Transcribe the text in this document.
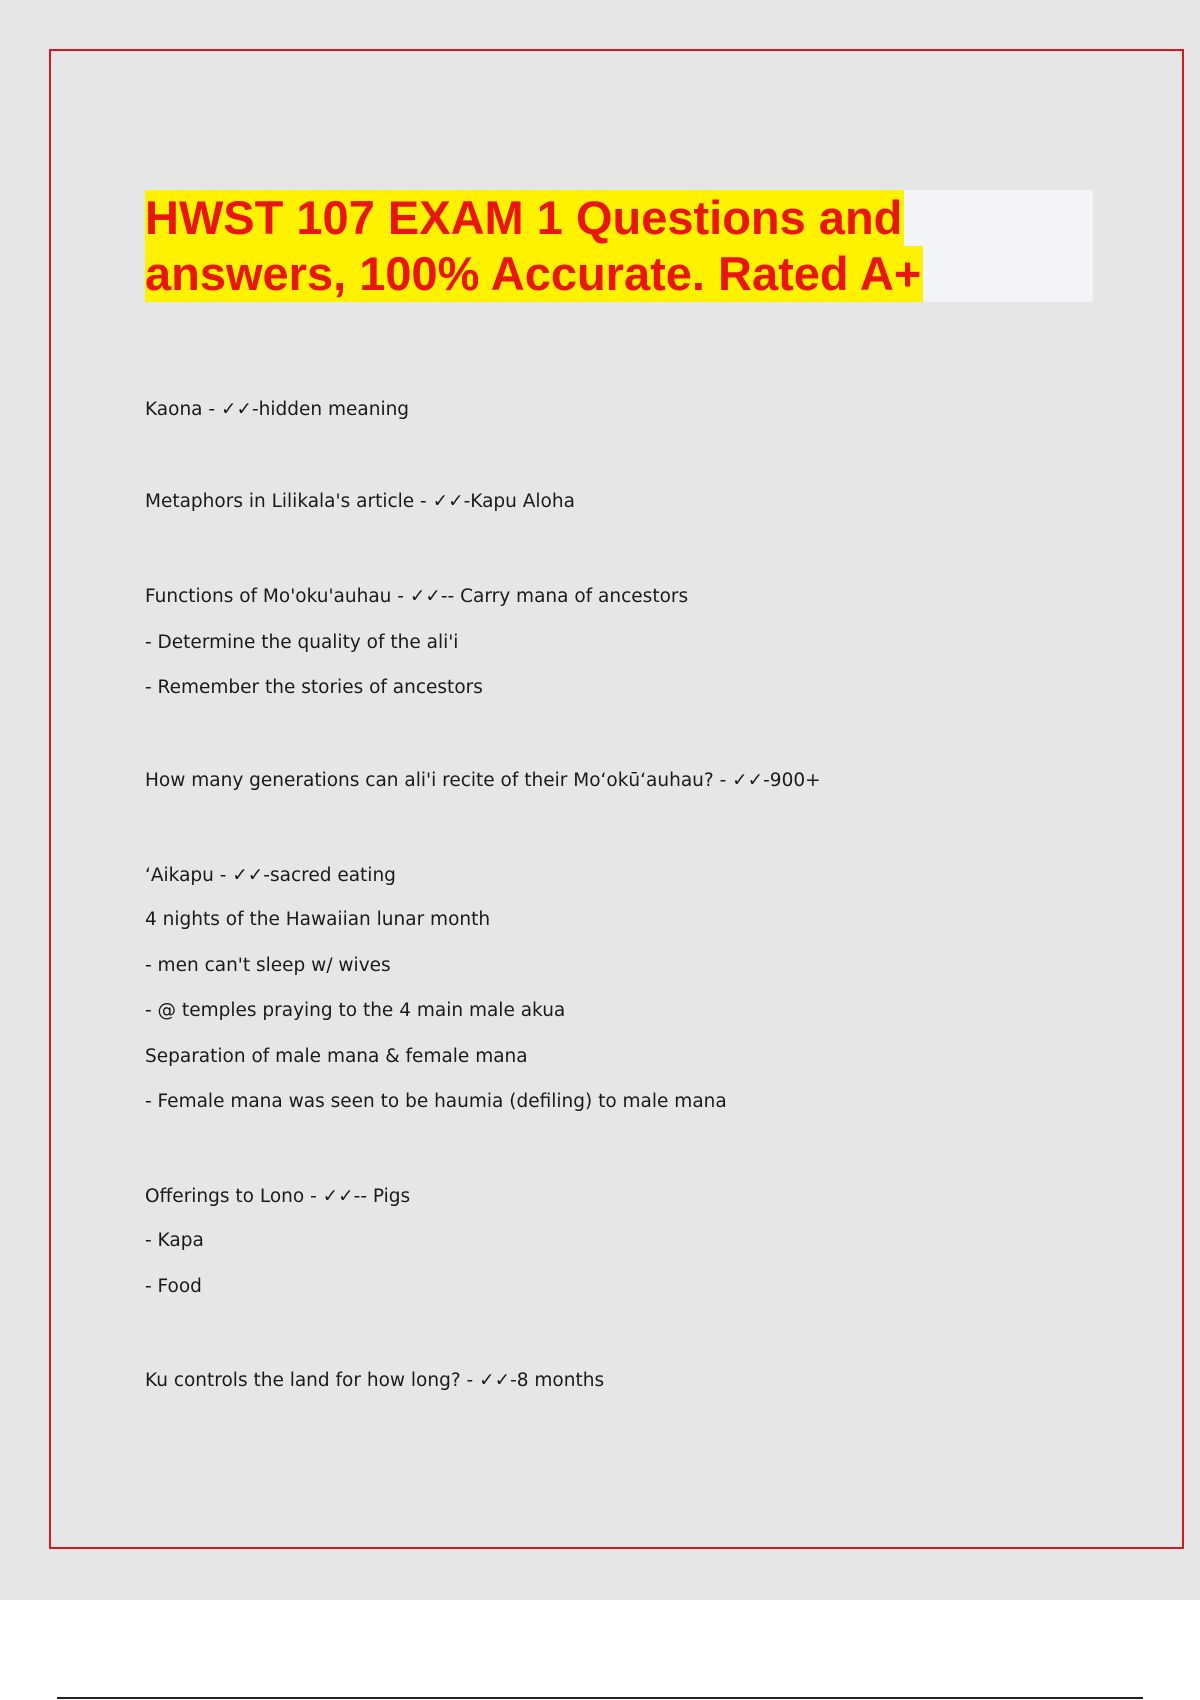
HWST 107 EXAM 1 Questions and
answers, 100% Accurate. Rated A+
Kaona - ✓✓-hidden meaning
Metaphors in Lilikala's article - ✓✓-Kapu Aloha
Functions of Mo'oku'auhau - ✓✓-- Carry mana of ancestors
- Determine the quality of the ali'i
- Remember the stories of ancestors
How many generations can ali'i recite of their Moʻokūʻauhau? - ✓✓-900+
ʻAikapu - ✓✓-sacred eating
4 nights of the Hawaiian lunar month
- men can't sleep w/ wives
- @ temples praying to the 4 main male akua
Separation of male mana & female mana
- Female mana was seen to be haumia (defiling) to male mana
Offerings to Lono - ✓✓-- Pigs
- Kapa
- Food
Ku controls the land for how long? - ✓✓-8 months
